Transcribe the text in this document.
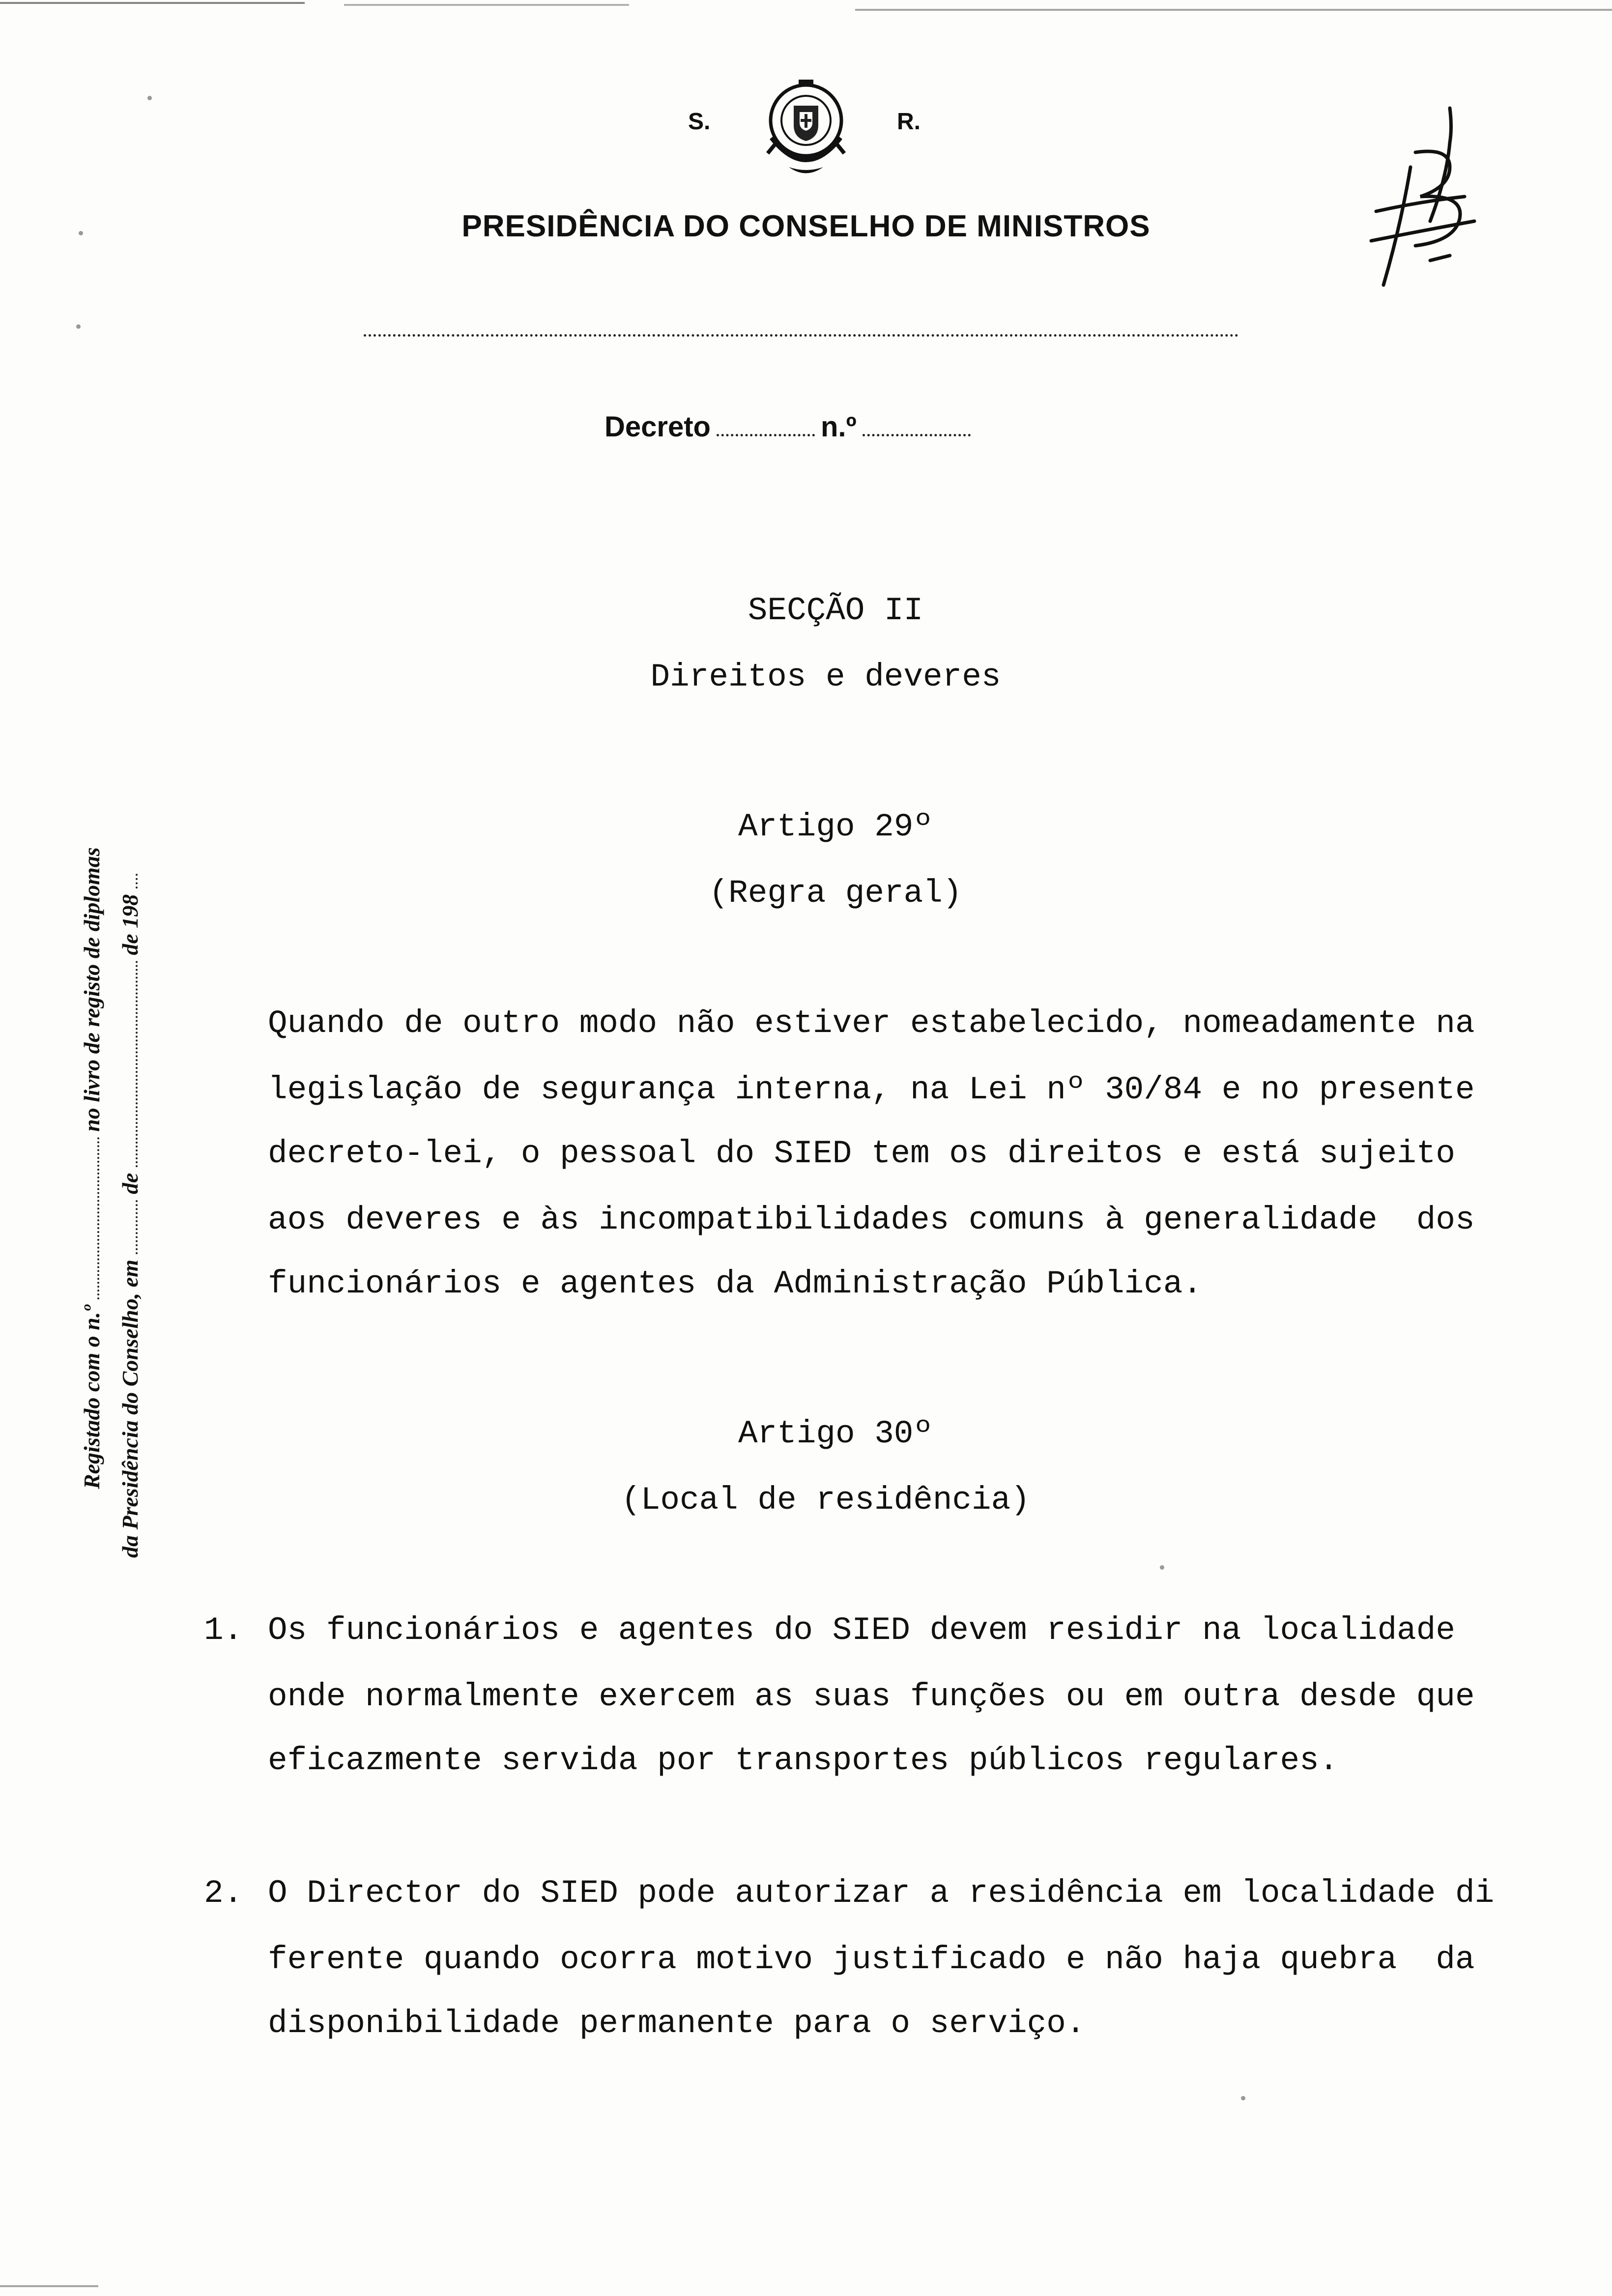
S.	R.
PRESIDÊNCIA DO CONSELHO DE MINISTROS
Decreto	n.º
Registado com o n.º  no livro de registo de diplomas
da Presidência do Conselho, em  de  de 198
SECÇÃO II
Direitos e deveres
Artigo 29º
(Regra geral)
Quando de outro modo não estiver estabelecido, nomeadamente na
legislação de segurança interna, na Lei nº 30/84 e no presente
decreto-lei, o pessoal do SIED tem os direitos e está sujeito
aos deveres e às incompatibilidades comuns à generalidade  dos
funcionários e agentes da Administração Pública.
Artigo 30º
(Local de residência)
1. Os funcionários e agentes do SIED devem residir na localidade
onde normalmente exercem as suas funções ou em outra desde que
eficazmente servida por transportes públicos regulares.
2. O Director do SIED pode autorizar a residência em localidade di
ferente quando ocorra motivo justificado e não haja quebra  da
disponibilidade permanente para o serviço.
